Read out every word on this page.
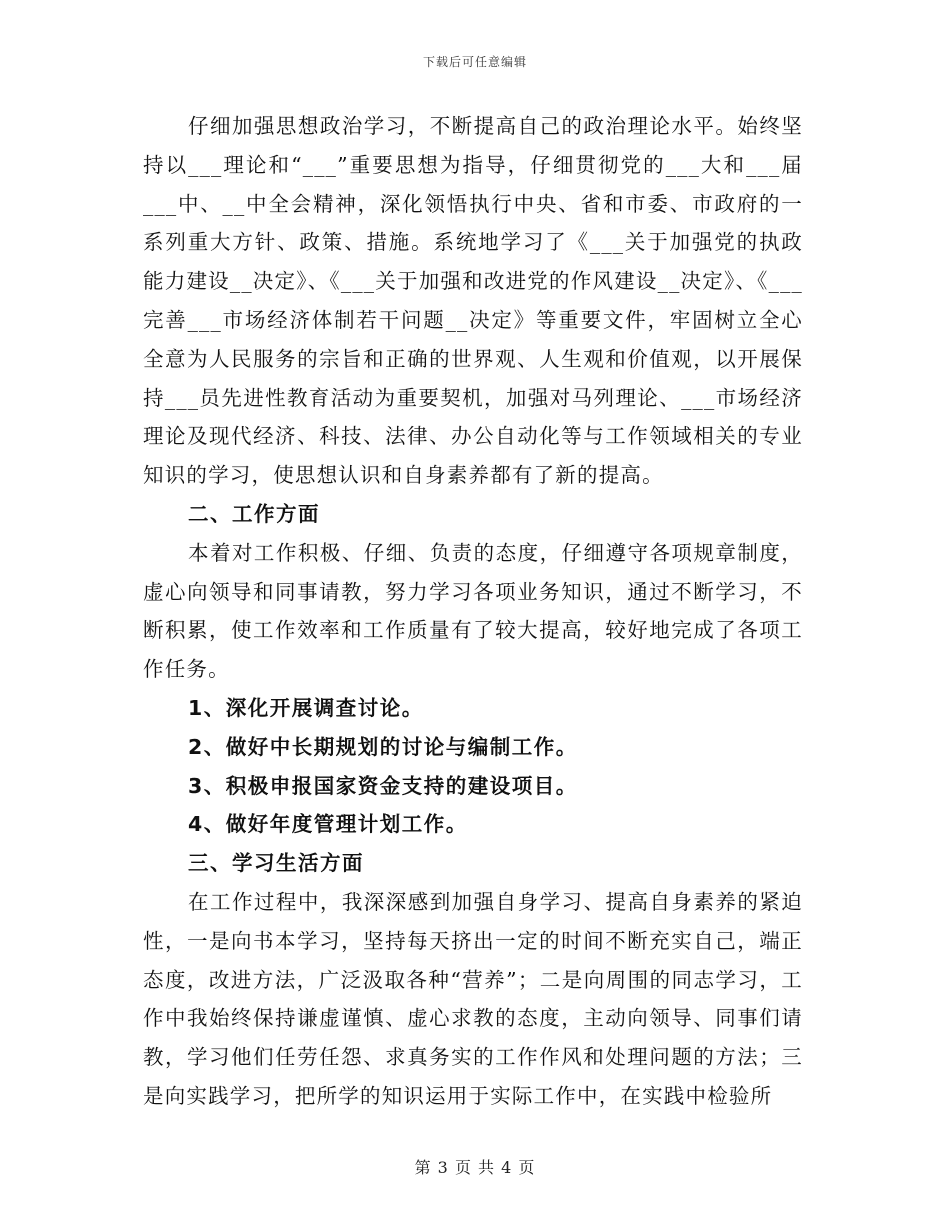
下载后可任意编辑

仔细加强思想政治学习，不断提高自己的政治理论水平。始终坚持以___理论和“___”重要思想为指导，仔细贯彻党的___大和___届___中、__中全会精神，深化领悟执行中央、省和市委、市政府的一系列重大方针、政策、措施。系统地学习了《___关于加强党的执政能力建设__决定》、《___关于加强和改进党的作风建设__决定》、《___完善___市场经济体制若干问题__决定》等重要文件，牢固树立全心全意为人民服务的宗旨和正确的世界观、人生观和价值观，以开展保持___员先进性教育活动为重要契机，加强对马列理论、___市场经济理论及现代经济、科技、法律、办公自动化等与工作领域相关的专业知识的学习，使思想认识和自身素养都有了新的提高。

二、工作方面

本着对工作积极、仔细、负责的态度，仔细遵守各项规章制度，虚心向领导和同事请教，努力学习各项业务知识，通过不断学习，不断积累，使工作效率和工作质量有了较大提高，较好地完成了各项工作任务。

1、深化开展调查讨论。

2、做好中长期规划的讨论与编制工作。

3、积极申报国家资金支持的建设项目。

4、做好年度管理计划工作。

三、学习生活方面

在工作过程中，我深深感到加强自身学习、提高自身素养的紧迫性，一是向书本学习，坚持每天挤出一定的时间不断充实自己，端正态度，改进方法，广泛汲取各种“营养”；二是向周围的同志学习，工作中我始终保持谦虚谨慎、虚心求教的态度，主动向领导、同事们请教，学习他们任劳任怨、求真务实的工作作风和处理问题的方法；三是向实践学习，把所学的知识运用于实际工作中，在实践中检验所

第 3 页 共 4 页
